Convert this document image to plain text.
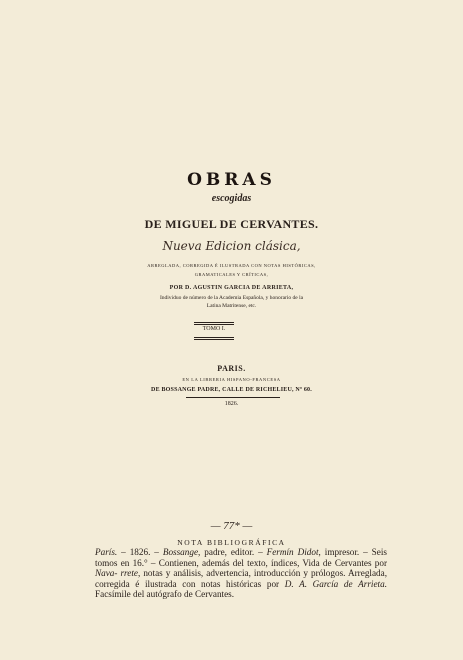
OBRAS
escogidas
DE MIGUEL DE CERVANTES.
Nueva Edicion clásica,
ARREGLADA, CORREGIDA É ILUSTRADA CON NOTAS HISTÓRICAS,
GRAMATICALES Y CRÍTICAS,
POR D. AGUSTIN GARCIA DE ARRIETA,
Individuo de número de la Academia Española, y honorario de la
Latina Matritense, etc.
TOMO I.
PARIS.
EN LA LIBRERIA HISPANO-FRANCESA
DE BOSSANGE PADRE, CALLE DE RICHELIEU, Nº 60.
1826.
— 77* —
NOTA BIBLIOGRÁFICA
París. – 1826. – Bossange, padre, editor. – Fermín Didot, impresor. – Seis tomos en 16.° – Contienen, además del texto, índices, Vida de Cervantes por Nava- rrete, notas y análisis, advertencia, introducción y prólogos. Arreglada, corregida é ilustrada con notas históricas por D. A. García de Arrieta. Facsímile del autógrafo de Cervantes.
